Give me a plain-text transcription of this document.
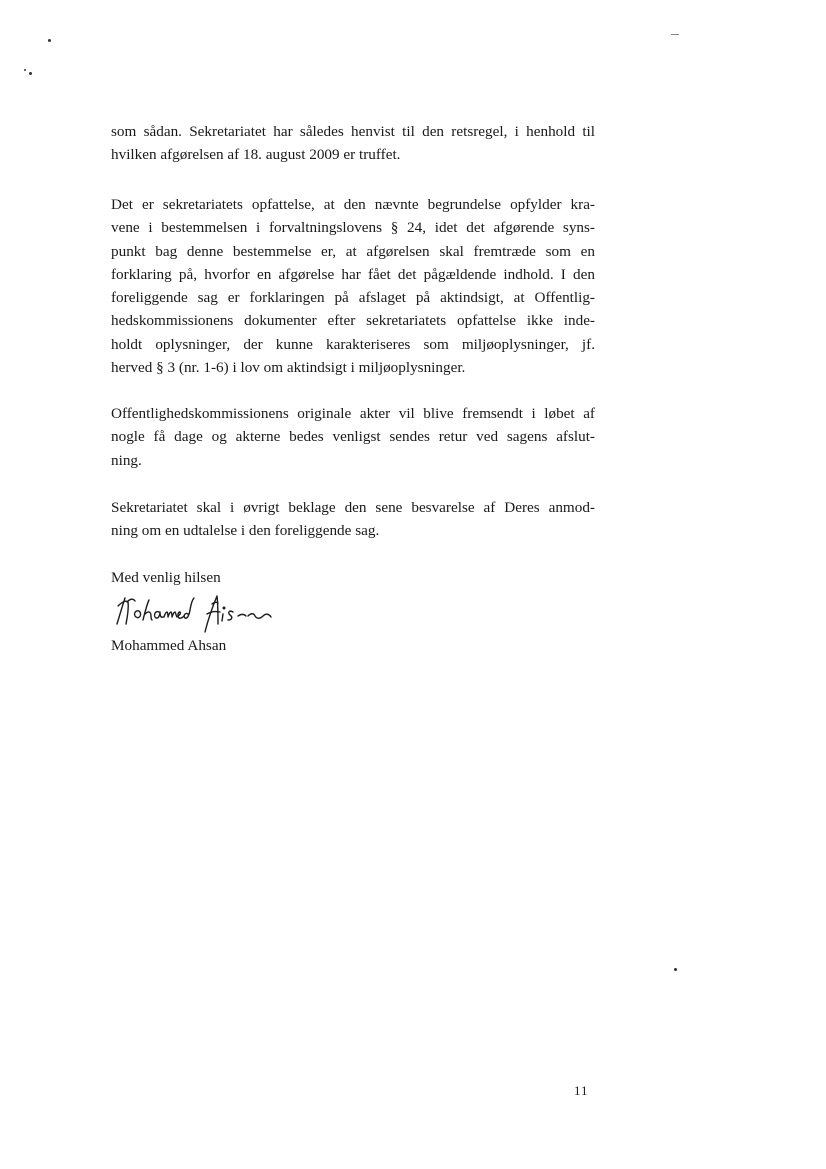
som sådan. Sekretariatet har således henvist til den retsregel, i henhold til
hvilken afgørelsen af 18. august 2009 er truffet.

Det er sekretariatets opfattelse, at den nævnte begrundelse opfylder kra-
vene i bestemmelsen i forvaltningslovens § 24, idet det afgørende syns-
punkt bag denne bestemmelse er, at afgørelsen skal fremtræde som en
forklaring på, hvorfor en afgørelse har fået det pågældende indhold. I den
foreliggende sag er forklaringen på afslaget på aktindsigt, at Offentlig-
hedskommissionens dokumenter efter sekretariatets opfattelse ikke inde-
holdt oplysninger, der kunne karakteriseres som miljøoplysninger, jf.
herved § 3 (nr. 1-6) i lov om aktindsigt i miljøoplysninger.

Offentlighedskommissionens originale akter vil blive fremsendt i løbet af
nogle få dage og akterne bedes venligst sendes retur ved sagens afslut-
ning.

Sekretariatet skal i øvrigt beklage den sene besvarelse af Deres anmod-
ning om en udtalelse i den foreliggende sag.

Med venlig hilsen

Mohammed Ahsan

11
